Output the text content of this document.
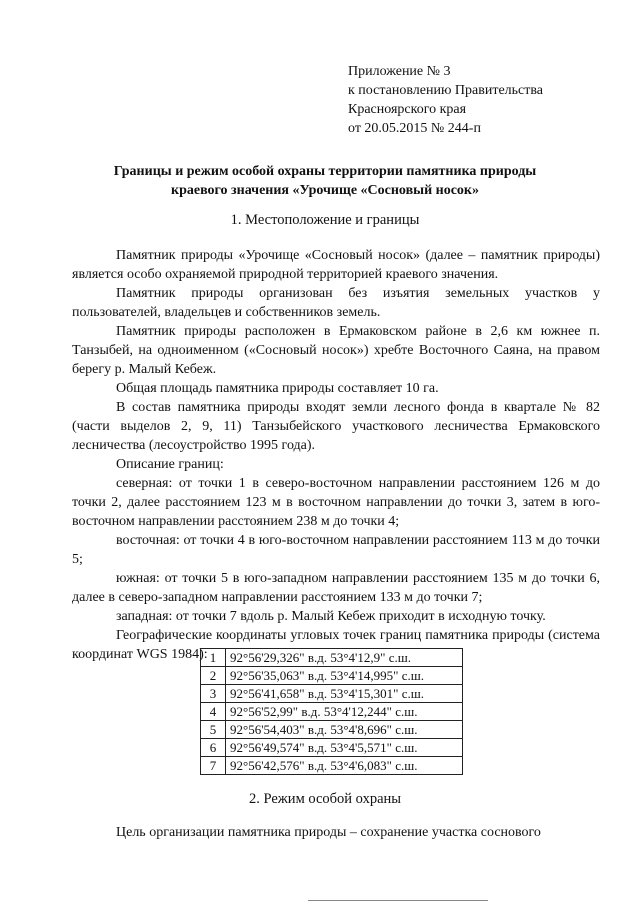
Приложение № 3
к постановлению Правительства
Красноярского края
от 20.05.2015 № 244-п
Границы и режим особой охраны территории памятника природы
краевого значения «Урочище «Сосновый носок»
1. Местоположение и границы

Памятник природы «Урочище «Сосновый носок» (далее – памятник природы) является особо охраняемой природной территорией краевого значения.

Памятник природы организован без изъятия земельных участков у пользователей, владельцев и собственников земель.

Памятник природы расположен в Ермаковском районе в 2,6 км южнее п. Танзыбей, на одноименном («Сосновый носок») хребте Восточного Саяна, на правом берегу р. Малый Кебеж.

Общая площадь памятника природы составляет 10 га.

В состав памятника природы входят земли лесного фонда в квартале № 82 (части выделов 2, 9, 11) Танзыбейского участкового лесничества Ермаковского лесничества (лесоустройство 1995 года).

Описание границ:

северная: от точки 1 в северо-восточном направлении расстоянием 126 м до точки 2, далее расстоянием 123 м в восточном направлении до точки 3, затем в юго-восточном направлении расстоянием 238 м до точки 4;

восточная: от точки 4 в юго-восточном направлении расстоянием 113 м до точки 5;

южная: от точки 5 в юго-западном направлении расстоянием 135 м до точки 6, далее в северо-западном направлении расстоянием 133 м до точки 7;

западная: от точки 7 вдоль р. Малый Кебеж приходит в исходную точку.

Географические координаты угловых точек границ памятника природы (система координат WGS 1984): 1	92°56'29,326" в.д. 53°4'12,9" с.ш.
2	92°56'35,063" в.д. 53°4'14,995" с.ш.
3	92°56'41,658" в.д. 53°4'15,301" с.ш.
4	92°56'52,99" в.д. 53°4'12,244" с.ш.
5	92°56'54,403" в.д. 53°4'8,696" с.ш.
6	92°56'49,574" в.д. 53°4'5,571" с.ш.
7	92°56'42,576" в.д. 53°4'6,083" с.ш.
2. Режим особой охраны

Цель организации памятника природы – сохранение участка соснового
